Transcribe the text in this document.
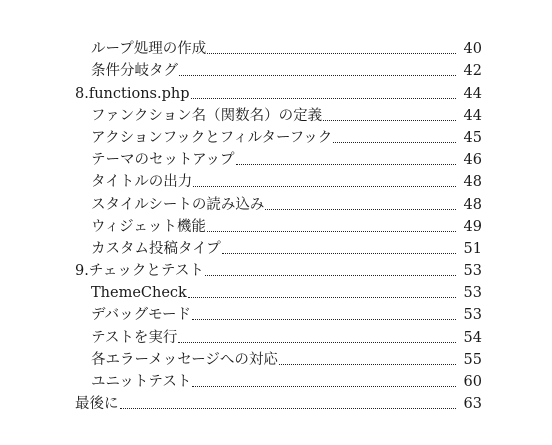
ループ処理の作成	40
条件分岐タグ	42
8.functions.php	44
ファンクション名（関数名）の定義	44
アクションフックとフィルターフック	45
テーマのセットアップ	46
タイトルの出力	48
スタイルシートの読み込み	48
ウィジェット機能	49
カスタム投稿タイプ	51
9.チェックとテスト	53
ThemeCheck	53
デバッグモード	53
テストを実行	54
各エラーメッセージへの対応	55
ユニットテスト	60
最後に	63
